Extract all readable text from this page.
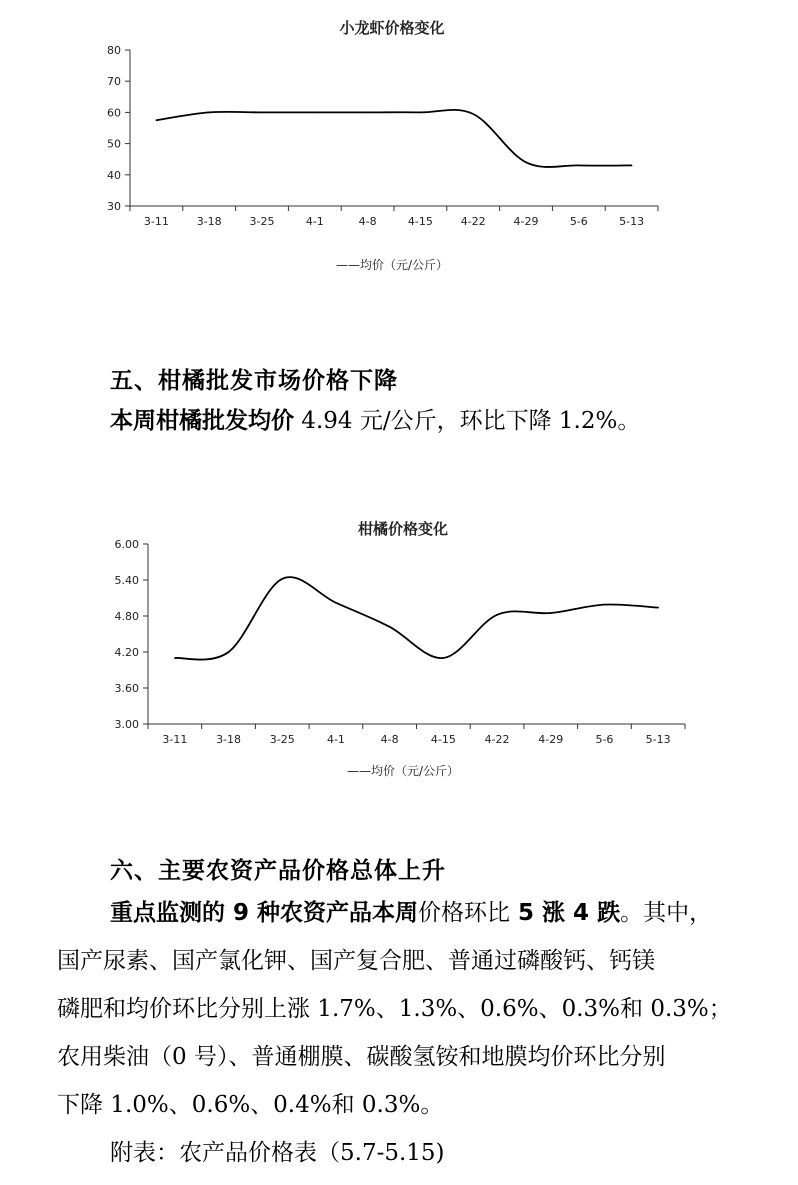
小龙虾价格变化
30
40
50
60
70
80
3-11	3-18	3-25	4-1	4-8	4-15	4-22	4-29	5-6	5-13
——均价（元/公斤）
五、柑橘批发市场价格下降

本周柑橘批发均价 4.94 元/公斤，环比下降 1.2%。

柑橘价格变化
3.00
3.60
4.20
4.80
5.40
6.00
3-11	3-18	3-25	4-1	4-8	4-15	4-22	4-29	5-6	5-13
——均价（元/公斤）
六、主要农资产品价格总体上升

重点监测的 9 种农资产品本周价格环比 5 涨 4 跌。其中，

国产尿素、国产氯化钾、国产复合肥、普通过磷酸钙、钙镁

磷肥和均价环比分别上涨 1.7%、1.3%、0.6%、0.3%和 0.3%；

农用柴油（0 号）、普通棚膜、碳酸氢铵和地膜均价环比分别

下降 1.0%、0.6%、0.4%和 0.3%。

附表：农产品价格表（5.7-5.15)
